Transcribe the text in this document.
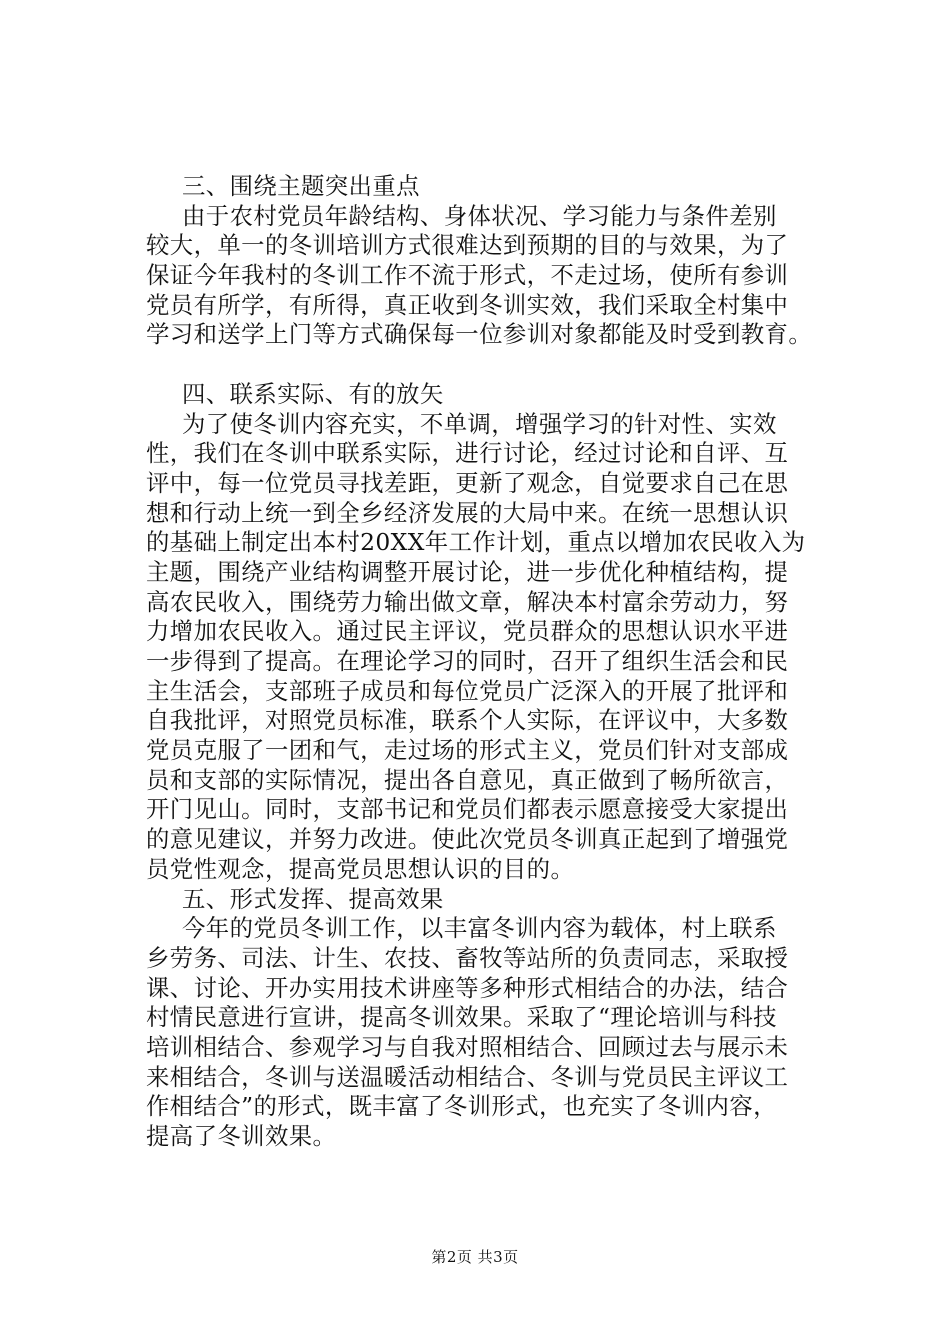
三、围绕主题突出重点
由于农村党员年龄结构、身体状况、学习能力与条件差别
较大，单一的冬训培训方式很难达到预期的目的与效果，为了
保证今年我村的冬训工作不流于形式，不走过场，使所有参训
党员有所学，有所得，真正收到冬训实效，我们采取全村集中
学习和送学上门等方式确保每一位参训对象都能及时受到教育。
四、联系实际、有的放矢
为了使冬训内容充实，不单调，增强学习的针对性、实效
性，我们在冬训中联系实际，进行讨论，经过讨论和自评、互
评中，每一位党员寻找差距，更新了观念，自觉要求自己在思
想和行动上统一到全乡经济发展的大局中来。在统一思想认识
的基础上制定出本村20XX年工作计划，重点以增加农民收入为
主题，围绕产业结构调整开展讨论，进一步优化种植结构，提
高农民收入，围绕劳力输出做文章，解决本村富余劳动力，努
力增加农民收入。通过民主评议，党员群众的思想认识水平进
一步得到了提高。在理论学习的同时，召开了组织生活会和民
主生活会，支部班子成员和每位党员广泛深入的开展了批评和
自我批评，对照党员标准，联系个人实际，在评议中，大多数
党员克服了一团和气，走过场的形式主义，党员们针对支部成
员和支部的实际情况，提出各自意见，真正做到了畅所欲言，
开门见山。同时，支部书记和党员们都表示愿意接受大家提出
的意见建议，并努力改进。使此次党员冬训真正起到了增强党
员党性观念，提高党员思想认识的目的。
五、形式发挥、提高效果
今年的党员冬训工作，以丰富冬训内容为载体，村上联系
乡劳务、司法、计生、农技、畜牧等站所的负责同志，采取授
课、讨论、开办实用技术讲座等多种形式相结合的办法，结合
村情民意进行宣讲，提高冬训效果。采取了“理论培训与科技
培训相结合、参观学习与自我对照相结合、回顾过去与展示未
来相结合，冬训与送温暖活动相结合、冬训与党员民主评议工
作相结合”的形式，既丰富了冬训形式，也充实了冬训内容，
提高了冬训效果。
第2页 共3页
